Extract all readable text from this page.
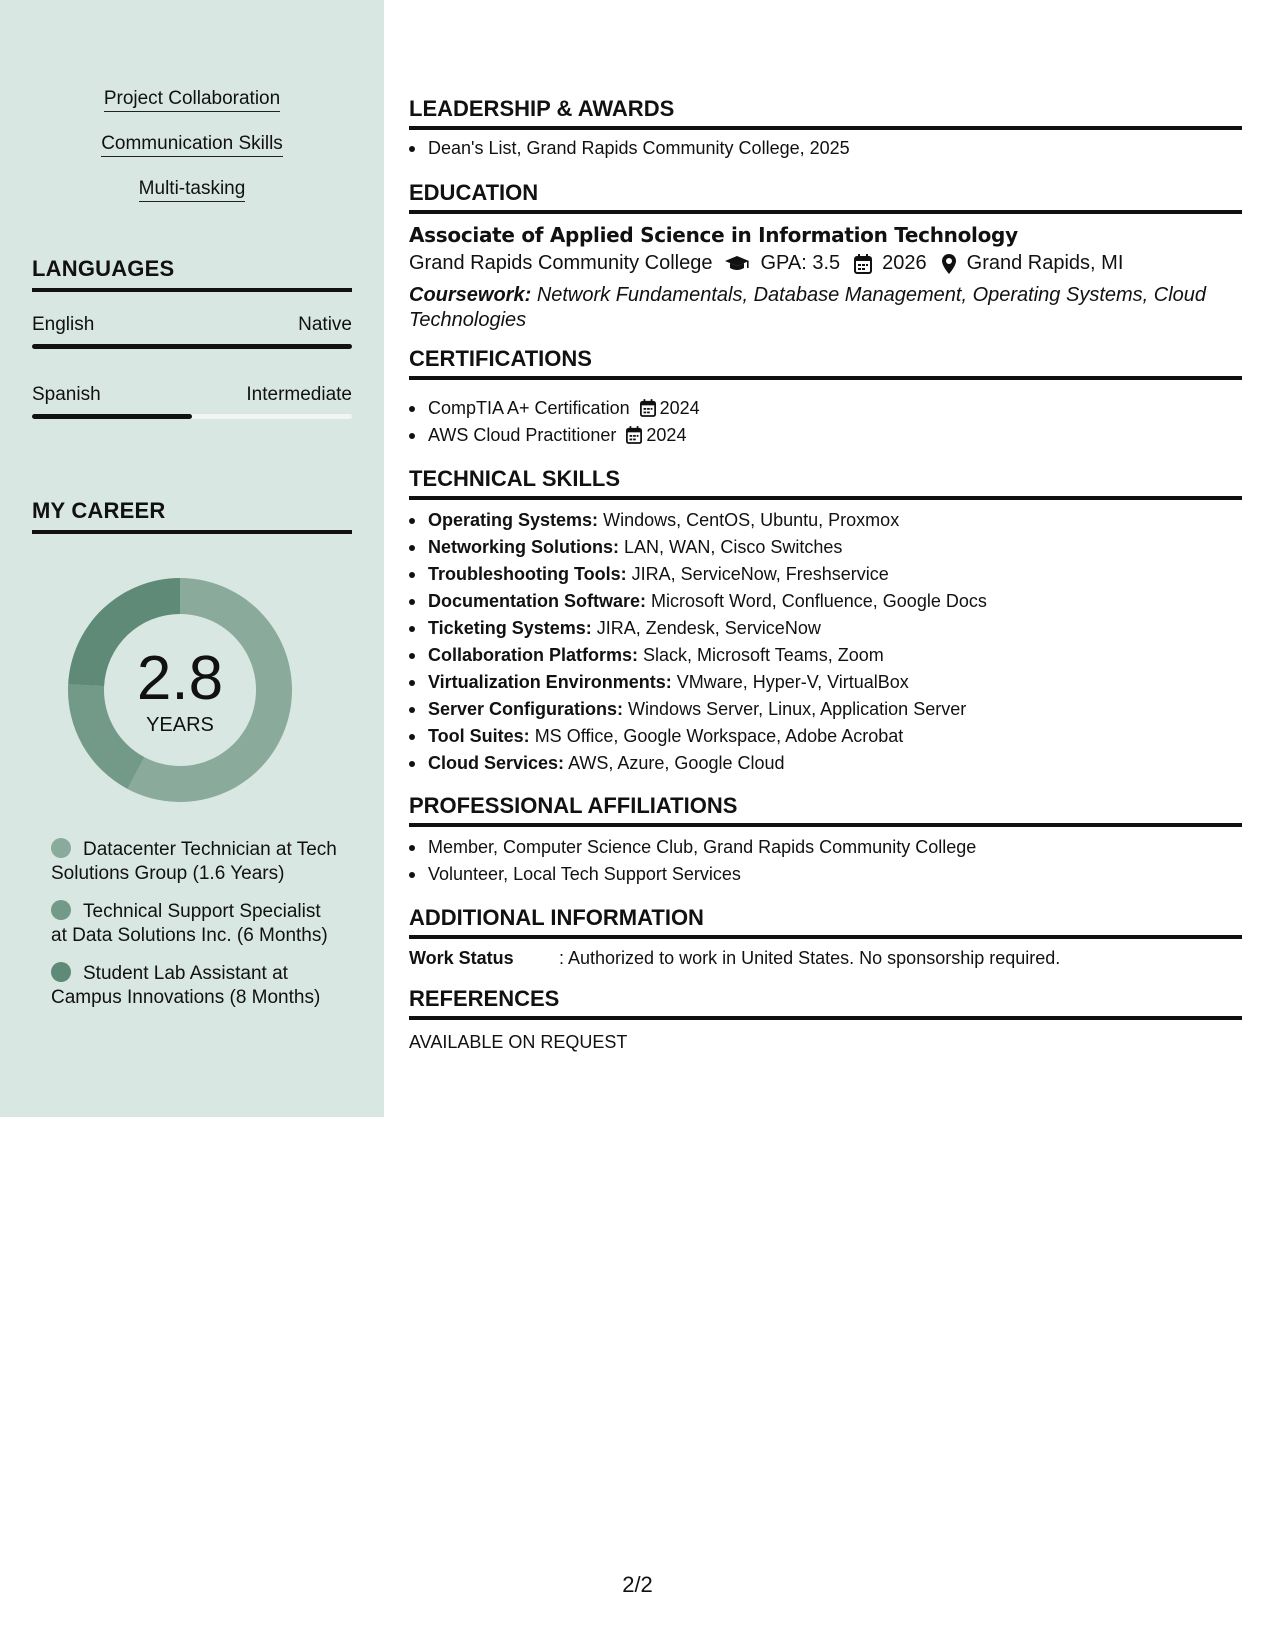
Project Collaboration
Communication Skills
Multi-tasking
LANGUAGES
English	Native
Spanish	Intermediate
MY CAREER
2.8
YEARS
Datacenter Technician at Tech Solutions Group (1.6 Years)
Technical Support Specialist at Data Solutions Inc. (6 Months)
Student Lab Assistant at Campus Innovations (8 Months)
LEADERSHIP & AWARDS
Dean's List, Grand Rapids Community College, 2025
EDUCATION
Associate of Applied Science in Information Technology
Grand Rapids Community College GPA: 3.5 2026 Grand Rapids, MI
Coursework: Network Fundamentals, Database Management, Operating Systems, Cloud Technologies
CERTIFICATIONS
CompTIA A+ Certification 2024
AWS Cloud Practitioner 2024
TECHNICAL SKILLS
Operating Systems: Windows, CentOS, Ubuntu, Proxmox
Networking Solutions: LAN, WAN, Cisco Switches
Troubleshooting Tools: JIRA, ServiceNow, Freshservice
Documentation Software: Microsoft Word, Confluence, Google Docs
Ticketing Systems: JIRA, Zendesk, ServiceNow
Collaboration Platforms: Slack, Microsoft Teams, Zoom
Virtualization Environments: VMware, Hyper-V, VirtualBox
Server Configurations: Windows Server, Linux, Application Server
Tool Suites: MS Office, Google Workspace, Adobe Acrobat
Cloud Services: AWS, Azure, Google Cloud
PROFESSIONAL AFFILIATIONS
Member, Computer Science Club, Grand Rapids Community College
Volunteer, Local Tech Support Services
ADDITIONAL INFORMATION
Work Status	: Authorized to work in United States. No sponsorship required.
REFERENCES
AVAILABLE ON REQUEST
2/2
